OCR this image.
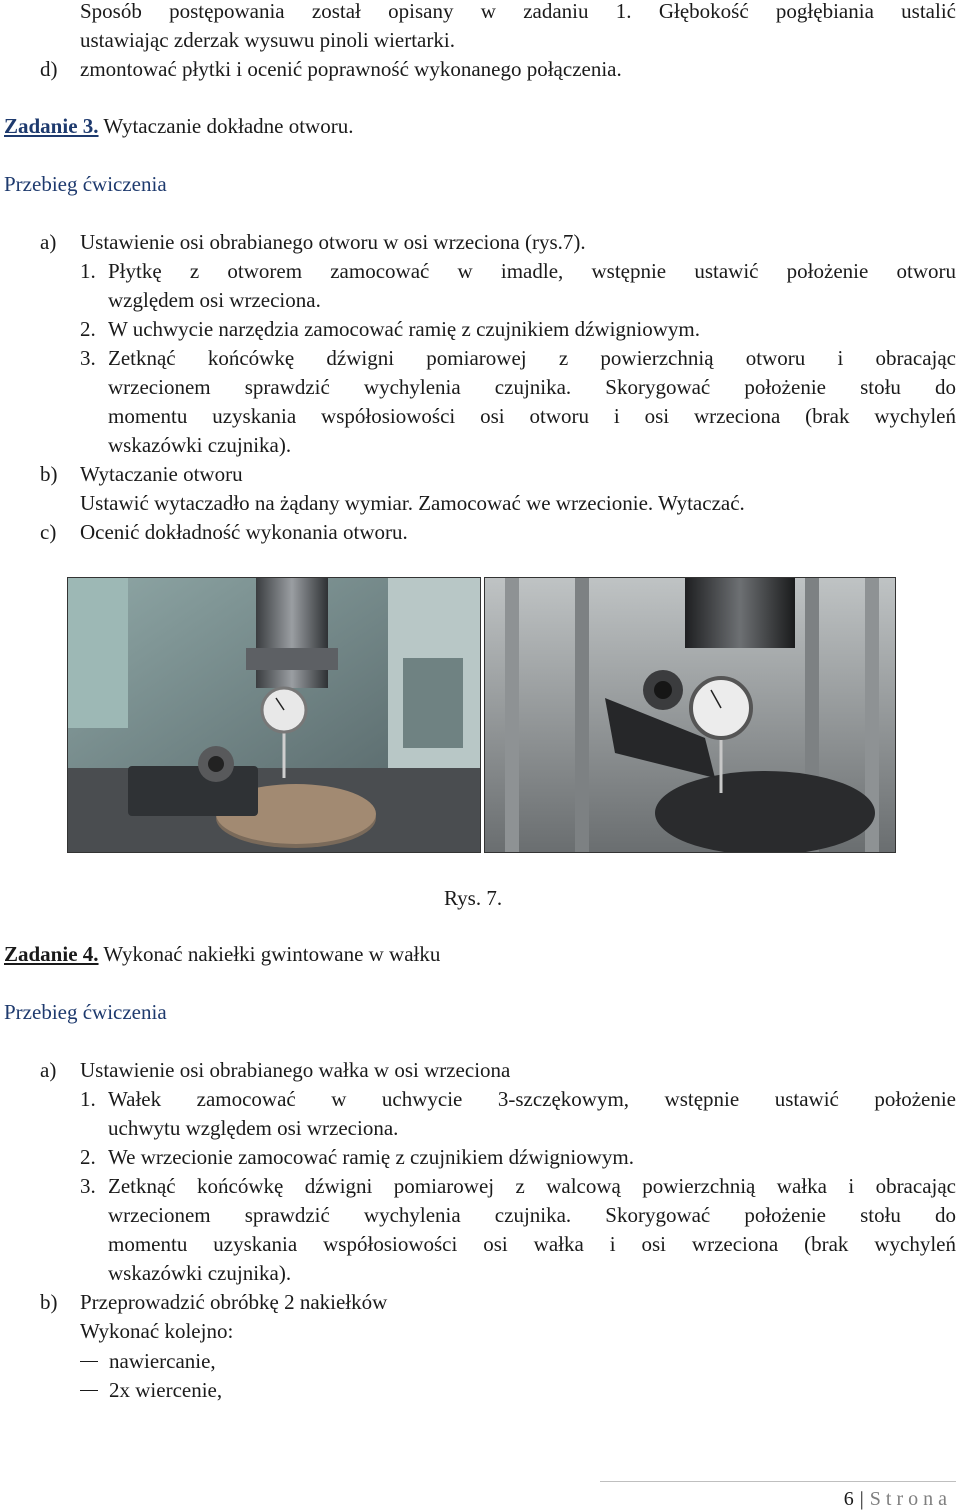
Sposób postępowania został opisany w zadaniu 1. Głębokość pogłębiania ustalić
ustawiając zderzak wysuwu pinoli wiertarki.
d) zmontować płytki i ocenić poprawność wykonanego połączenia.
Zadanie 3. Wytaczanie dokładne otworu.
Przebieg ćwiczenia
a) Ustawienie osi obrabianego otworu w osi wrzeciona (rys.7).
1. Płytkę z otworem zamocować w imadle, wstępnie ustawić położenie otworu
względem osi wrzeciona.
2. W uchwycie narzędzia zamocować ramię z czujnikiem dźwigniowym.
3. Zetknąć końcówkę dźwigni pomiarowej z powierzchnią otworu i obracając
wrzecionem sprawdzić wychylenia czujnika. Skorygować położenie stołu do
momentu uzyskania współosiowości osi otworu i osi wrzeciona (brak wychyleń
wskazówki czujnika).
b) Wytaczanie otworu
Ustawić wytaczadło na żądany wymiar. Zamocować we wrzecionie. Wytaczać.
c) Ocenić dokładność wykonania otworu.
Rys. 7.
Zadanie 4. Wykonać nakiełki gwintowane w wałku
Przebieg ćwiczenia
a) Ustawienie osi obrabianego wałka w osi wrzeciona
1. Wałek zamocować w uchwycie 3-szczękowym, wstępnie ustawić położenie
uchwytu względem osi wrzeciona.
2. We wrzecionie zamocować ramię z czujnikiem dźwigniowym.
3. Zetknąć końcówkę dźwigni pomiarowej z walcową powierzchnią wałka i obracając
wrzecionem sprawdzić wychylenia czujnika. Skorygować położenie stołu do
momentu uzyskania współosiowości osi wałka i osi wrzeciona (brak wychyleń
wskazówki czujnika).
b) Przeprowadzić obróbkę 2 nakiełków
Wykonać kolejno:
nawiercanie,
2x wiercenie,
6 | Strona
